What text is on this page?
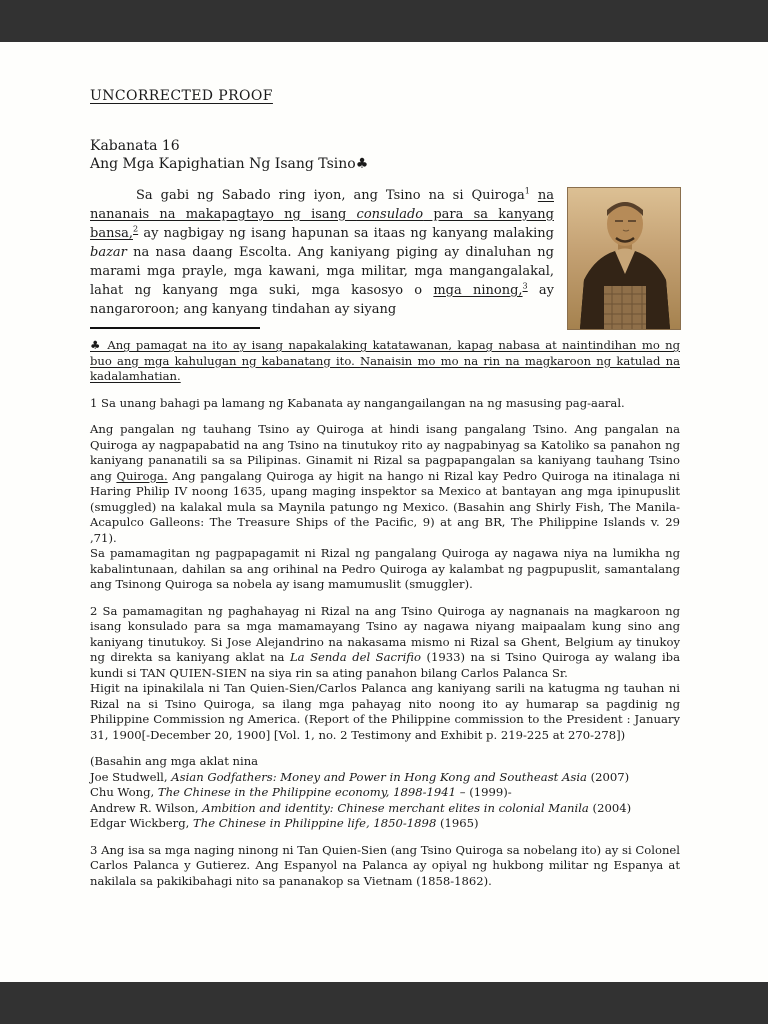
UNCORRECTED PROOF
Kabanata 16
Ang Mga Kapighatian Ng Isang Tsino♣

Sa gabi ng Sabado ring iyon, ang Tsino na si Quiroga$^1$ na nananais na makapagtayo ng isang consulado para sa kanyang bansa,$^2$ ay nagbigay ng isang hapunan sa itaas ng kanyang malaking bazar na nasa daang Escolta. Ang kaniyang piging ay dinaluhan ng marami mga prayle, mga kawani, mga militar, mga mangangalakal, lahat ng kanyang mga suki, mga kasosyo o mga ninong,$^3$ ay nangaroroon; ang kanyang tindahan ay siyang

♣ Ang pamagat na ito ay isang napakalaking katatawanan, kapag nabasa at naintindihan mo ng buo ang mga kahulugan ng kabanatang ito. Nanaisin mo mo na rin na magkaroon ng katulad na kadalamhatian.

1 Sa unang bahagi pa lamang ng Kabanata ay nangangailangan na ng masusing pag-aaral.

Ang pangalan ng tauhang Tsino ay Quiroga at hindi isang pangalang Tsino. Ang pangalan na Quiroga ay nagpapabatid na ang Tsino na tinutukoy rito ay nagpabinyag sa Katoliko sa panahon ng kaniyang pananatili sa sa Pilipinas. Ginamit ni Rizal sa pagpapangalan sa kaniyang tauhang Tsino ang Quiroga. Ang pangalang Quiroga ay higit na hango ni Rizal kay Pedro Quiroga na itinalaga ni Haring Philip IV noong 1635, upang maging inspektor sa Mexico at bantayan ang mga ipinupuslit (smuggled) na kalakal mula sa Maynila patungo ng Mexico. (Basahin ang Shirly Fish, The Manila-Acapulco Galleons: The Treasure Ships of the Pacific, 9) at ang BR, The Philippine Islands v. 29 ,71).

Sa pamamagitan ng pagpapagamit ni Rizal ng pangalang Quiroga ay nagawa niya na lumikha ng kabalintunaan, dahilan sa ang orihinal na Pedro Quiroga ay kalambat ng pagpupuslit, samantalang ang Tsinong Quiroga sa nobela ay isang mamumuslit (smuggler).

2 Sa pamamagitan ng paghahayag ni Rizal na ang Tsino Quiroga ay nagnanais na magkaroon ng isang konsulado para sa mga mamamayang Tsino ay nagawa niyang maipaalam kung sino ang kaniyang tinutukoy. Si Jose Alejandrino na nakasama mismo ni Rizal sa Ghent, Belgium ay tinukoy ng direkta sa kaniyang aklat na La Senda del Sacrifio (1933) na si Tsino Quiroga ay walang iba kundi si TAN QUIEN-SIEN na siya rin sa ating panahon bilang Carlos Palanca Sr.

Higit na ipinakilala ni Tan Quien-Sien/Carlos Palanca ang kaniyang sarili na katugma ng tauhan ni Rizal na si Tsino Quiroga, sa ilang mga pahayag nito noong ito ay humarap sa pagdinig ng Philippine Commission ng America. (Report of the Philippine commission to the President : January 31, 1900[-December 20, 1900] [Vol. 1, no. 2 Testimony and Exhibit p. 219-225 at 270-278])

(Basahin ang mga aklat nina

Joe Studwell, Asian Godfathers: Money and Power in Hong Kong and Southeast Asia (2007)

Chu Wong, The Chinese in the Philippine economy, 1898-1941 – (1999)-

Andrew R. Wilson, Ambition and identity: Chinese merchant elites in colonial Manila (2004)

Edgar Wickberg, The Chinese in Philippine life, 1850-1898 (1965)

3 Ang isa sa mga naging ninong ni Tan Quien-Sien (ang Tsino Quiroga sa nobelang ito) ay si Colonel Carlos Palanca y Gutierez. Ang Espanyol na Palanca ay opiyal ng hukbong militar ng Espanya at nakilala sa pakikibahagi nito sa pananakop sa Vietnam (1858-1862).
